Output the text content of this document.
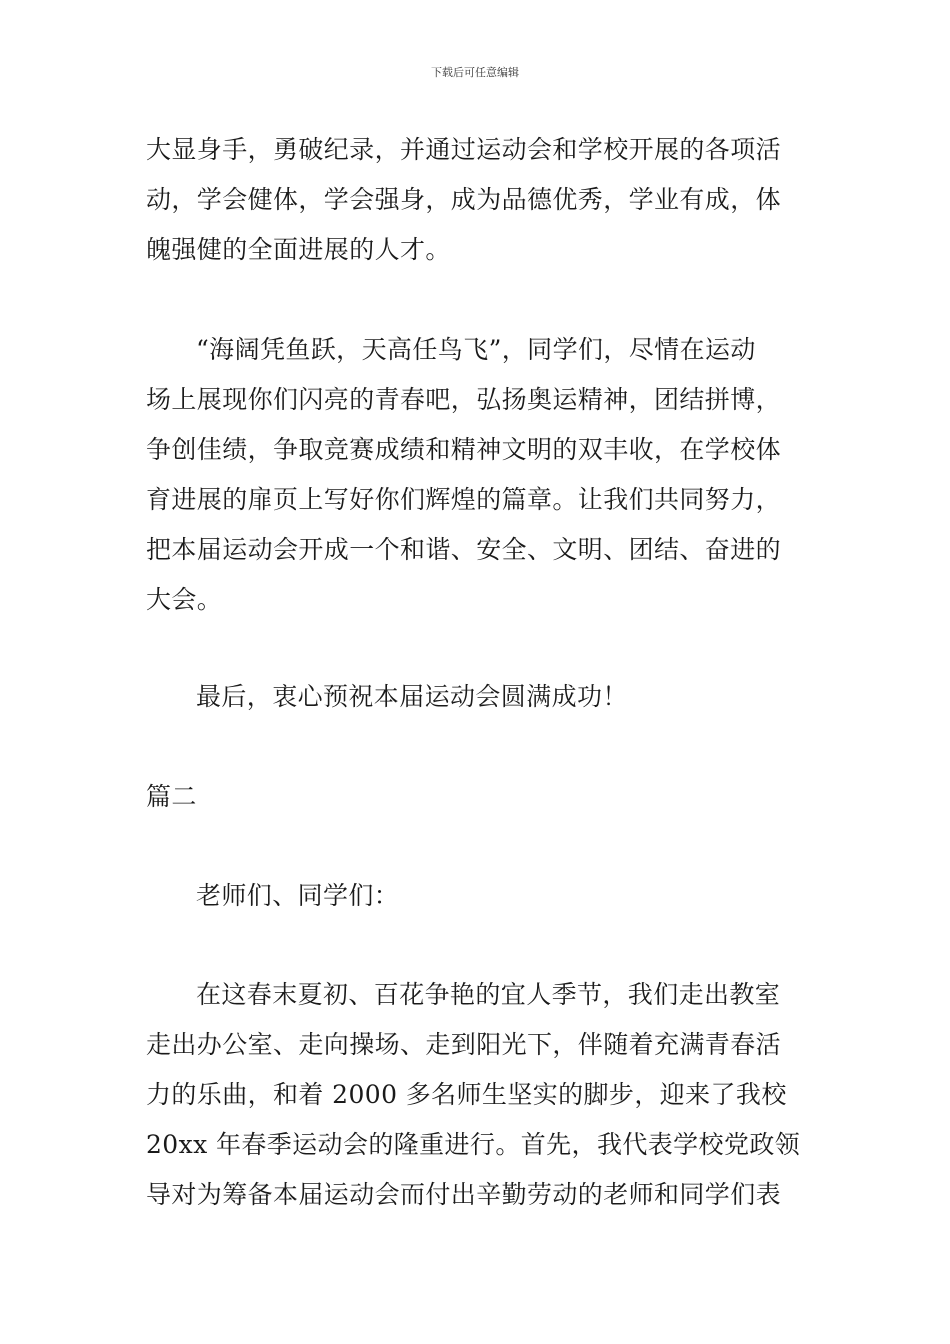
下载后可任意编辑
大显身手，勇破纪录，并通过运动会和学校开展的各项活
动，学会健体，学会强身，成为品德优秀，学业有成，体
魄强健的全面进展的人才。
“海阔凭鱼跃，天高任鸟飞”，同学们，尽情在运动
场上展现你们闪亮的青春吧，弘扬奥运精神，团结拼博，
争创佳绩，争取竞赛成绩和精神文明的双丰收，在学校体
育进展的扉页上写好你们辉煌的篇章。让我们共同努力，
把本届运动会开成一个和谐、安全、文明、团结、奋进的
大会。
最后，衷心预祝本届运动会圆满成功！
篇二
老师们、同学们：
在这春末夏初、百花争艳的宜人季节，我们走出教室
走出办公室、走向操场、走到阳光下，伴随着充满青春活
力的乐曲，和着 2000 多名师生坚实的脚步，迎来了我校
20xx 年春季运动会的隆重进行。首先，我代表学校党政领
导对为筹备本届运动会而付出辛勤劳动的老师和同学们表
